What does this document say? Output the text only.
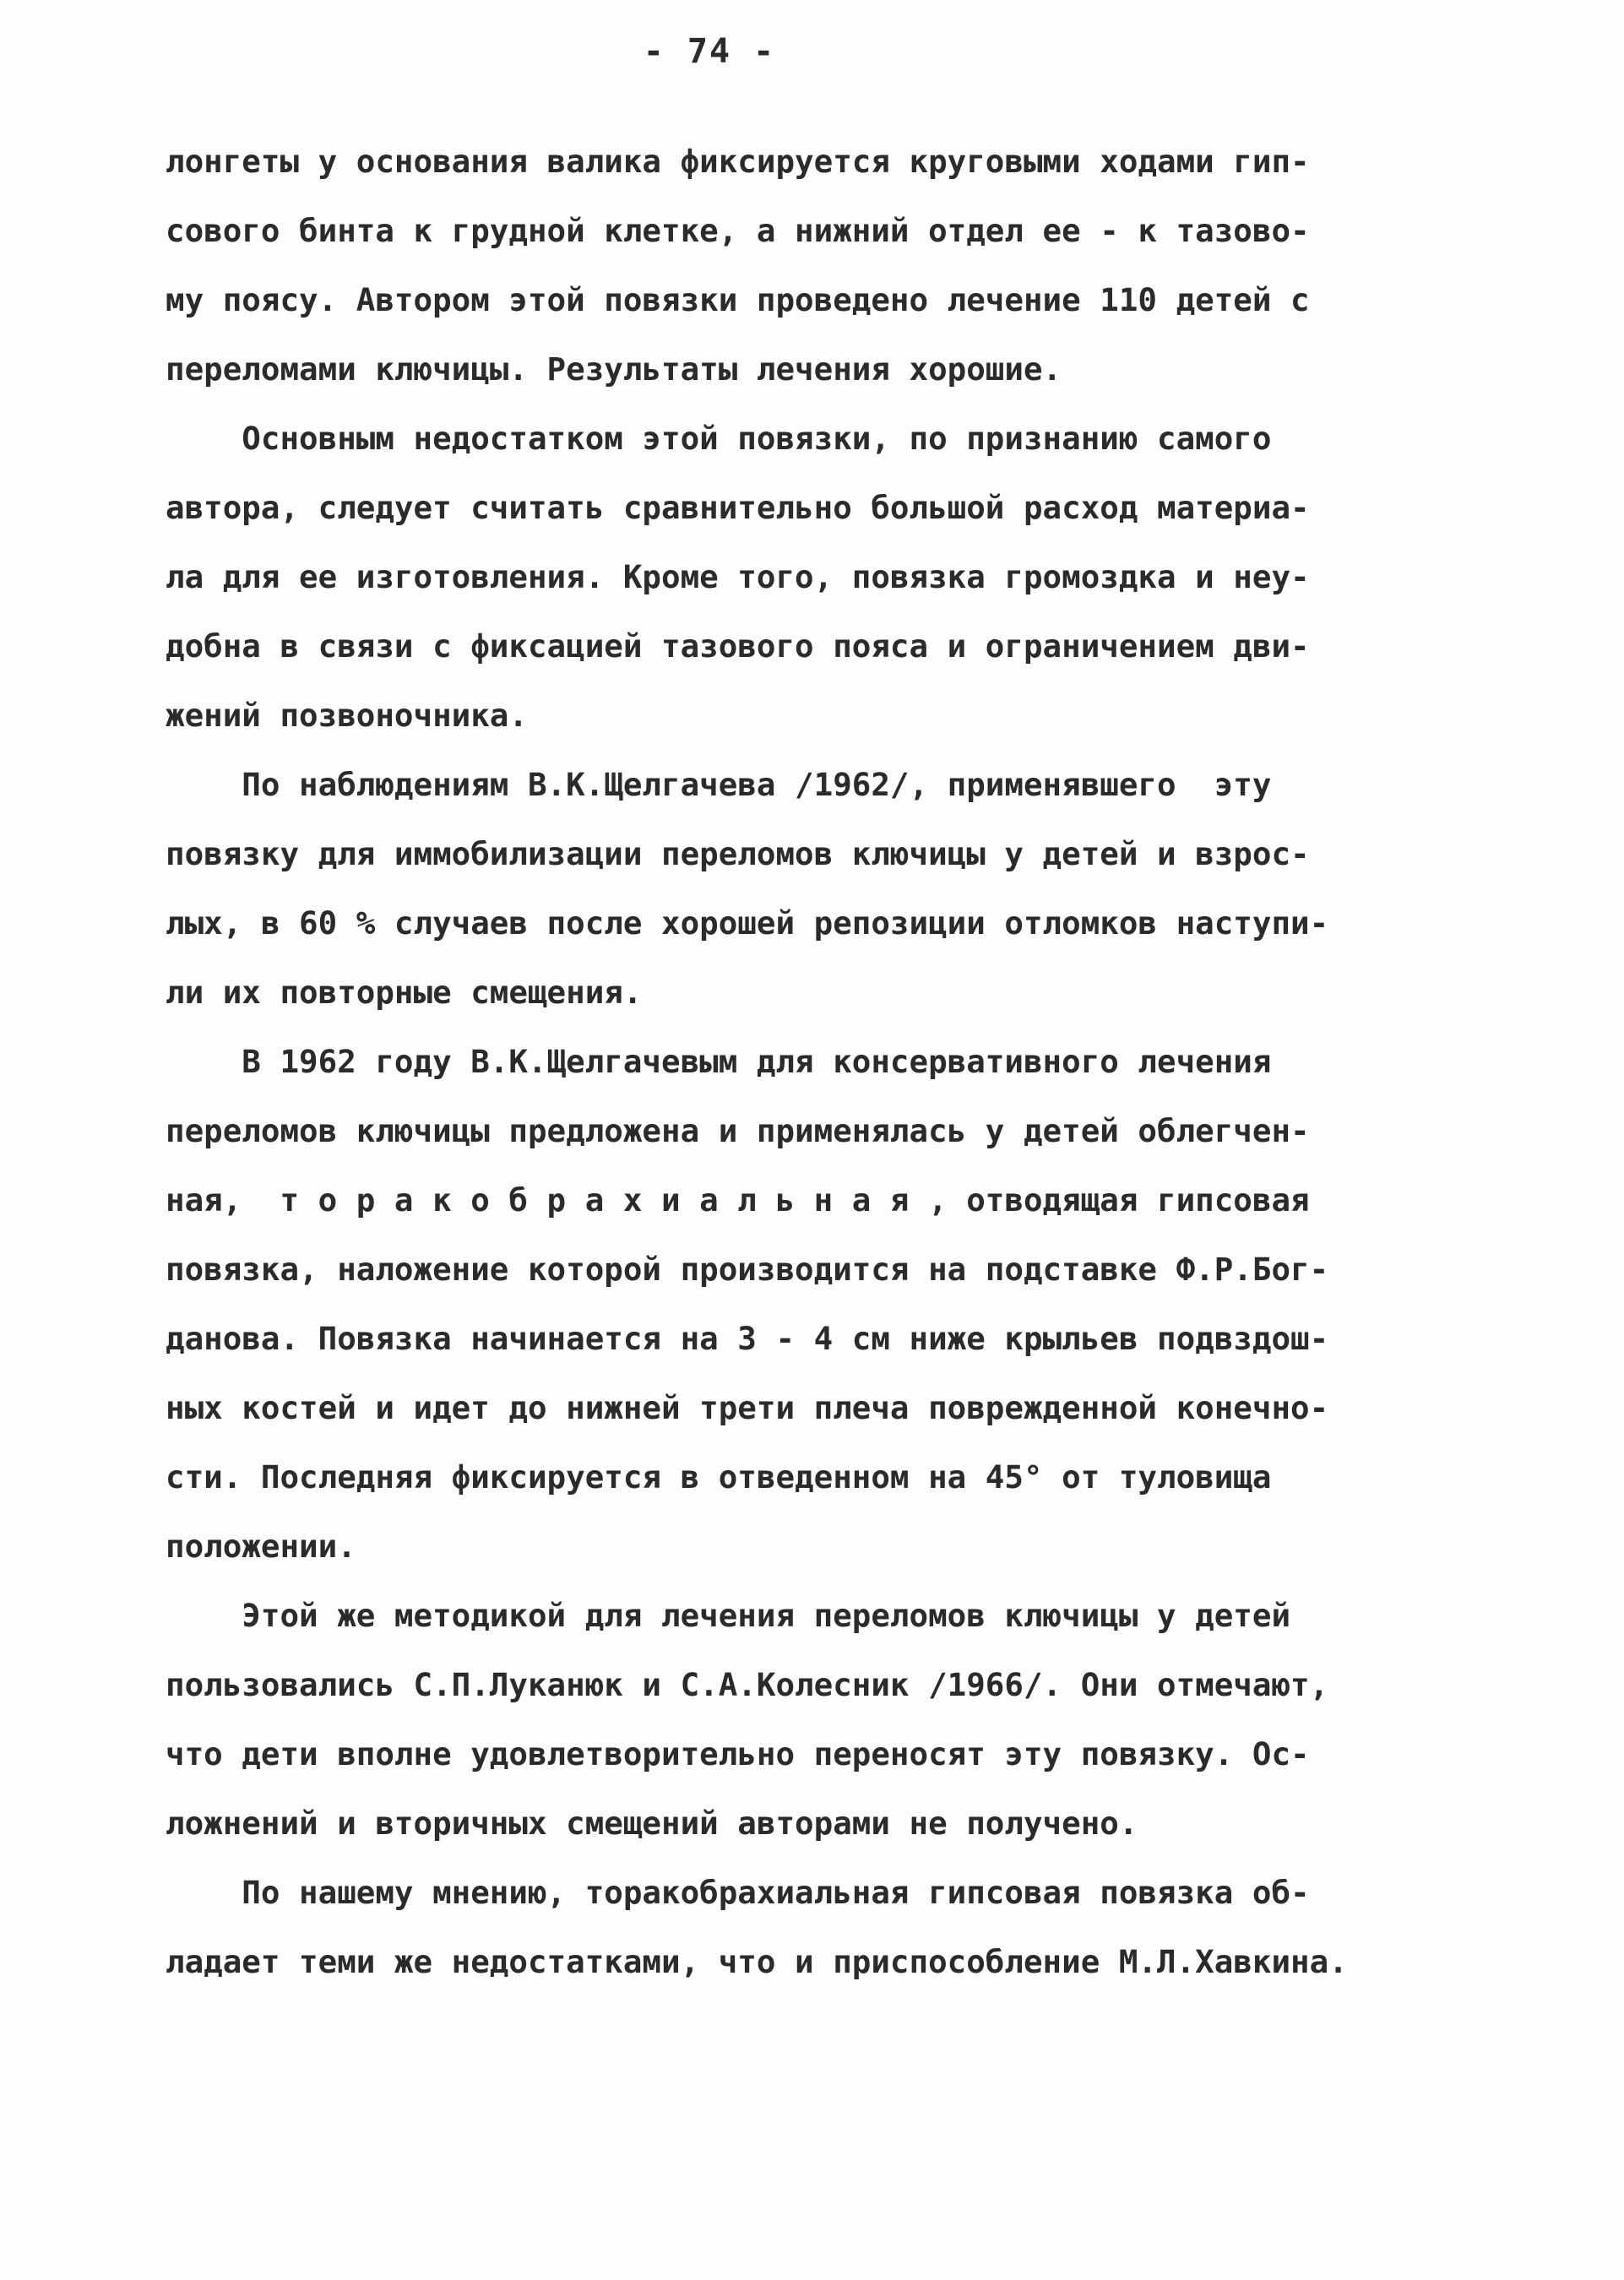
- 74 -
лонгеты у основания валика фиксируется круговыми ходами гип-
сового бинта к грудной клетке, а нижний отдел ее - к тазово-
му поясу. Автором этой повязки проведено лечение 110 детей с
переломами ключицы. Результаты лечения хорошие.
Основным недостатком этой повязки, по признанию самого
автора, следует считать сравнительно большой расход материа-
ла для ее изготовления. Кроме того, повязка громоздка и неу-
добна в связи с фиксацией тазового пояса и ограничением дви-
жений позвоночника.
По наблюдениям В.К.Щелгачева /1962/, применявшего  эту
повязку для иммобилизации переломов ключицы у детей и взрос-
лых, в 60 % случаев после хорошей репозиции отломков наступи-
ли их повторные смещения.
В 1962 году В.К.Щелгачевым для консервативного лечения
переломов ключицы предложена и применялась у детей облегчен-
ная,  т о р а к о б р а х и а л ь н а я , отводящая гипсовая
повязка, наложение которой производится на подставке Ф.Р.Бог-
данова. Повязка начинается на 3 - 4 см ниже крыльев подвздош-
ных костей и идет до нижней трети плеча поврежденной конечно-
сти. Последняя фиксируется в отведенном на 45° от туловища
положении.
Этой же методикой для лечения переломов ключицы у детей
пользовались С.П.Луканюк и С.А.Колесник /1966/. Они отмечают,
что дети вполне удовлетворительно переносят эту повязку. Ос-
ложнений и вторичных смещений авторами не получено.
По нашему мнению, торакобрахиальная гипсовая повязка об-
ладает теми же недостатками, что и приспособление М.Л.Хавкина.
